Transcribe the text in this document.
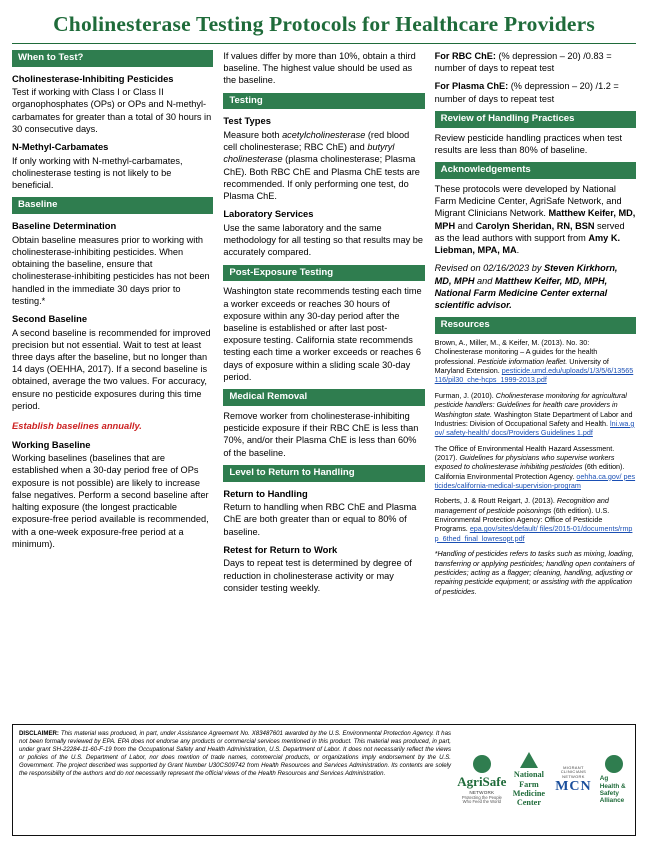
Cholinesterase Testing Protocols for Healthcare Providers
When to Test?
Cholinesterase-Inhibiting Pesticides

Test if working with Class I or Class II organophosphates (OPs) or OPs and N-methyl-carbamates for greater than a total of 30 hours in 30 consecutive days.

N-Methyl-Carbamates

If only working with N-methyl-carbamates, cholinesterase testing is not likely to be beneficial.

Baseline
Baseline Determination

Obtain baseline measures prior to working with cholinesterase-inhibiting pesticides. When obtaining the baseline, ensure that cholinesterase-inhibiting pesticides has not been handled in the immediate 30 days prior to testing.*

Second Baseline

A second baseline is recommended for improved precision but not essential. Wait to test at least three days after the baseline, but no longer than 14 days (OEHHA, 2017). If a second baseline is obtained, average the two values. For accuracy, ensure no pesticide exposures during this time period.

Establish baselines annually.
Working Baseline

Working baselines (baselines that are established when a 30-day period free of OPs exposure is not possible) are likely to increase false negatives. Perform a second baseline after halting exposure (the longest practicable exposure-free period available is recommended, with a one-week exposure-free period at a minimum).

If values differ by more than 10%, obtain a third baseline. The highest value should be used as the baseline.

Testing
Test Types

Measure both acetylcholinesterase (red blood cell cholinesterase; RBC ChE) and butyryl cholinesterase (plasma cholinesterase; Plasma ChE). Both RBC ChE and Plasma ChE tests are recommended. If only performing one test, do Plasma ChE.

Laboratory Services

Use the same laboratory and the same methodology for all testing so that results may be accurately compared.

Post-Exposure Testing

Washington state recommends testing each time a worker exceeds or reaches 30 hours of exposure within any 30-day period after the baseline is established or after last post-exposure testing. California state recommends testing each time a worker exceeds or reaches 6 days of exposure within a sliding scale 30-day period.

Medical Removal

Remove worker from cholinesterase-inhibiting pesticide exposure if their RBC ChE is less than 70%, and/or their Plasma ChE is less than 60% of the baseline.

Level to Return to Handling
Return to Handling

Return to handling when RBC ChE and Plasma ChE are both greater than or equal to 80% of baseline.

Retest for Return to Work

Days to repeat test is determined by degree of reduction in cholinesterase activity or may consider testing weekly.

For RBC ChE: (% depression – 20) /0.83 = number of days to repeat test

For Plasma ChE: (% depression – 20) /1.2 = number of days to repeat test

Review of Handling Practices

Review pesticide handling practices when test results are less than 80% of baseline.

Acknowledgements

These protocols were developed by National Farm Medicine Center, AgriSafe Network, and Migrant Clinicians Network. Matthew Keifer, MD, MPH and Carolyn Sheridan, RN, BSN served as the lead authors with support from Amy K. Liebman, MPA, MA.

Revised on 02/16/2023 by Steven Kirkhorn, MD, MPH and Matthew Keifer, MD, MPH, National Farm Medicine Center external scientific advisor.

Resources

Brown, A., Miller, M., & Keifer, M. (2013). No. 30: Cholinesterase monitoring – A guides for the health professional. Pesticide information leaflet. University of Maryland Extension. pesticide.umd.edu/uploads/1/3/5/6/13565116/pil30_che-hcps_1999-2013.pdf

Furman, J. (2010). Cholinesterase monitoring for agricultural pesticide handlers: Guidelines for health care providers in Washington state. Washington State Department of Labor and Industries: Division of Occupational Safety and Health. lni.wa.gov/ safety-health/ docs/Providers Guidelines 1.pdf

The Office of Environmental Health Hazard Assessment. (2017). Guidelines for physicians who supervise workers exposed to cholinesterase inhibiting pesticides (6th edition). California Environmental Protection Agency. oehha.ca.gov/ pesticides/california-medical-supervision-program

Roberts, J. & Routt Reigart, J. (2013). Recognition and management of pesticide poisonings (6th edition). U.S. Environmental Protection Agency: Office of Pesticide Programs. epa.gov/sites/default/ files/2015-01/documents/rmpp_6thed_final_lowresopt.pdf

*Handling of pesticides refers to tasks such as mixing, loading, transferring or applying pesticides; handling open containers of pesticides; acting as a flagger; cleaning, handling, adjusting or repairing pesticide equipment; or assisting with the application of pesticides.

DISCLAIMER: This material was produced, in part, under Assistance Agreement No. X83487601 awarded by the U.S. Environmental Protection Agency. It has not been formally reviewed by EPA. EPA does not endorse any products or commercial services mentioned in this product. This material was produced, in part, under grant SH-22284-11-60-F-19 from the Occupational Safety and Health Administration, U.S. Department of Labor. It does not necessarily reflect the views or policies of the U.S. Department of Labor, nor does mention of trade names, commercial products, or organizations imply endorsement by the U.S. Government. The project described was supported by Grant Number U30CS09742 from Health Resources and Services Administration. Its contents are solely the responsibility of the authors and do not necessarily represent the official views of the Health Resources and Services Administration.
AgriSafe
NETWORK
Protecting the People Who Feed the World
National Farm
Medicine Center
MIGRANT CLINICIANS NETWORK
MCN
Ag
Health & Safety
Alliance
